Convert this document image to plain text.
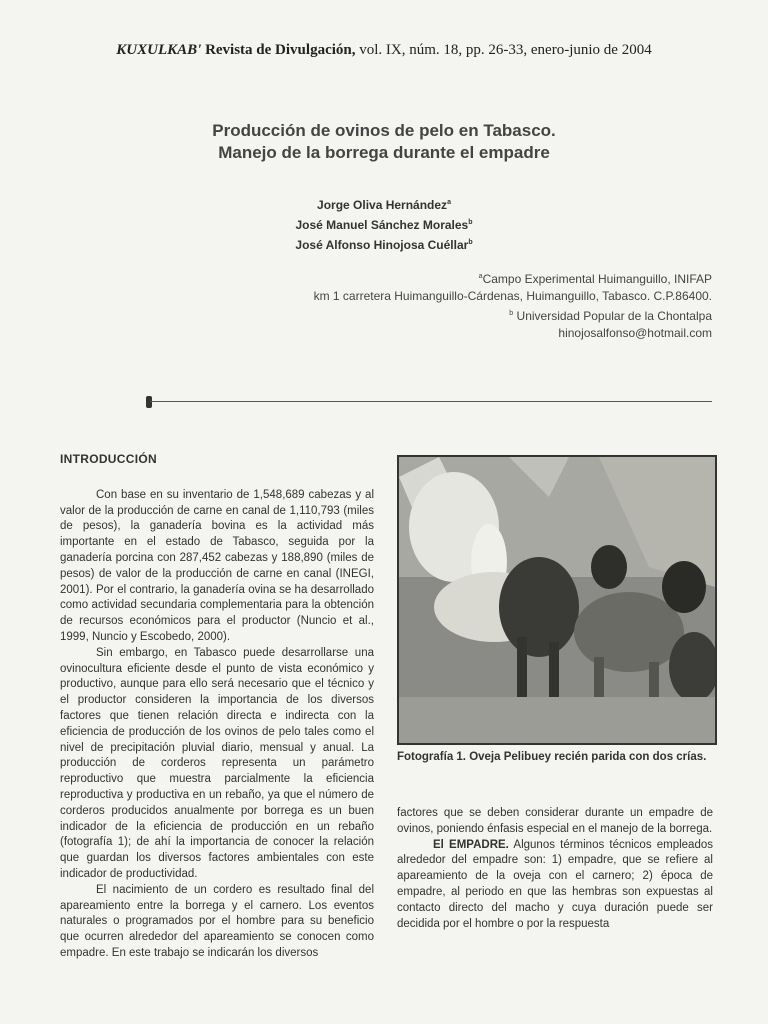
KUXULKAB' Revista de Divulgación, vol. IX, núm. 18, pp. 26-33, enero-junio de 2004
Producción de ovinos de pelo en Tabasco.
Manejo de la borrega durante el empadre
Jorge Oliva Hernández$^a$
José Manuel Sánchez Morales$^b$
José Alfonso Hinojosa Cuéllar$^b$
$^a$Campo Experimental Huimanguillo, INIFAP
km 1 carretera Huimanguillo-Cárdenas, Huimanguillo, Tabasco. C.P.86400.
$^b$ Universidad Popular de la Chontalpa
hinojosalfonso@hotmail.com
INTRODUCCIÓN

Con base en su inventario de 1,548,689 cabezas y al valor de la producción de carne en canal de 1,110,793 (miles de pesos), la ganadería bovina es la actividad más importante en el estado de Tabasco, seguida por la ganadería porcina con 287,452 cabezas y 188,890 (miles de pesos) de valor de la producción de carne en canal (INEGI, 2001). Por el contrario, la ganadería ovina se ha desarrollado como actividad secundaria complementaria para la obtención de recursos económicos para el productor (Nuncio et al., 1999, Nuncio y Escobedo, 2000).

Sin embargo, en Tabasco puede desarrollarse una ovinocultura eficiente desde el punto de vista económico y productivo, aunque para ello será necesario que el técnico y el productor consideren la importancia de los diversos factores que tienen relación directa e indirecta con la eficiencia de producción de los ovinos de pelo tales como el nivel de precipitación pluvial diario, mensual y anual. La producción de corderos representa un parámetro reproductivo que muestra parcialmente la eficiencia reproductiva y productiva en un rebaño, ya que el número de corderos producidos anualmente por borrega es un buen indicador de la eficiencia de producción en un rebaño (fotografía 1); de ahí la importancia de conocer la relación que guardan los diversos factores ambientales con este indicador de productividad.

El nacimiento de un cordero es resultado final del apareamiento entre la borrega y el carnero. Los eventos naturales o programados por el hombre para su beneficio que ocurren alrededor del apareamiento se conocen como empadre. En este trabajo se indicarán los diversos

Fotografía 1. Oveja Pelibuey recién parida con dos crías.

factores que se deben considerar durante un empadre de ovinos, poniendo énfasis especial en el manejo de la borrega.

El EMPADRE. Algunos términos técnicos empleados alrededor del empadre son: 1) empadre, que se refiere al apareamiento de la oveja con el carnero; 2) época de empadre, al periodo en que las hembras son expuestas al contacto directo del macho y cuya duración puede ser decidida por el hombre o por la respuesta
